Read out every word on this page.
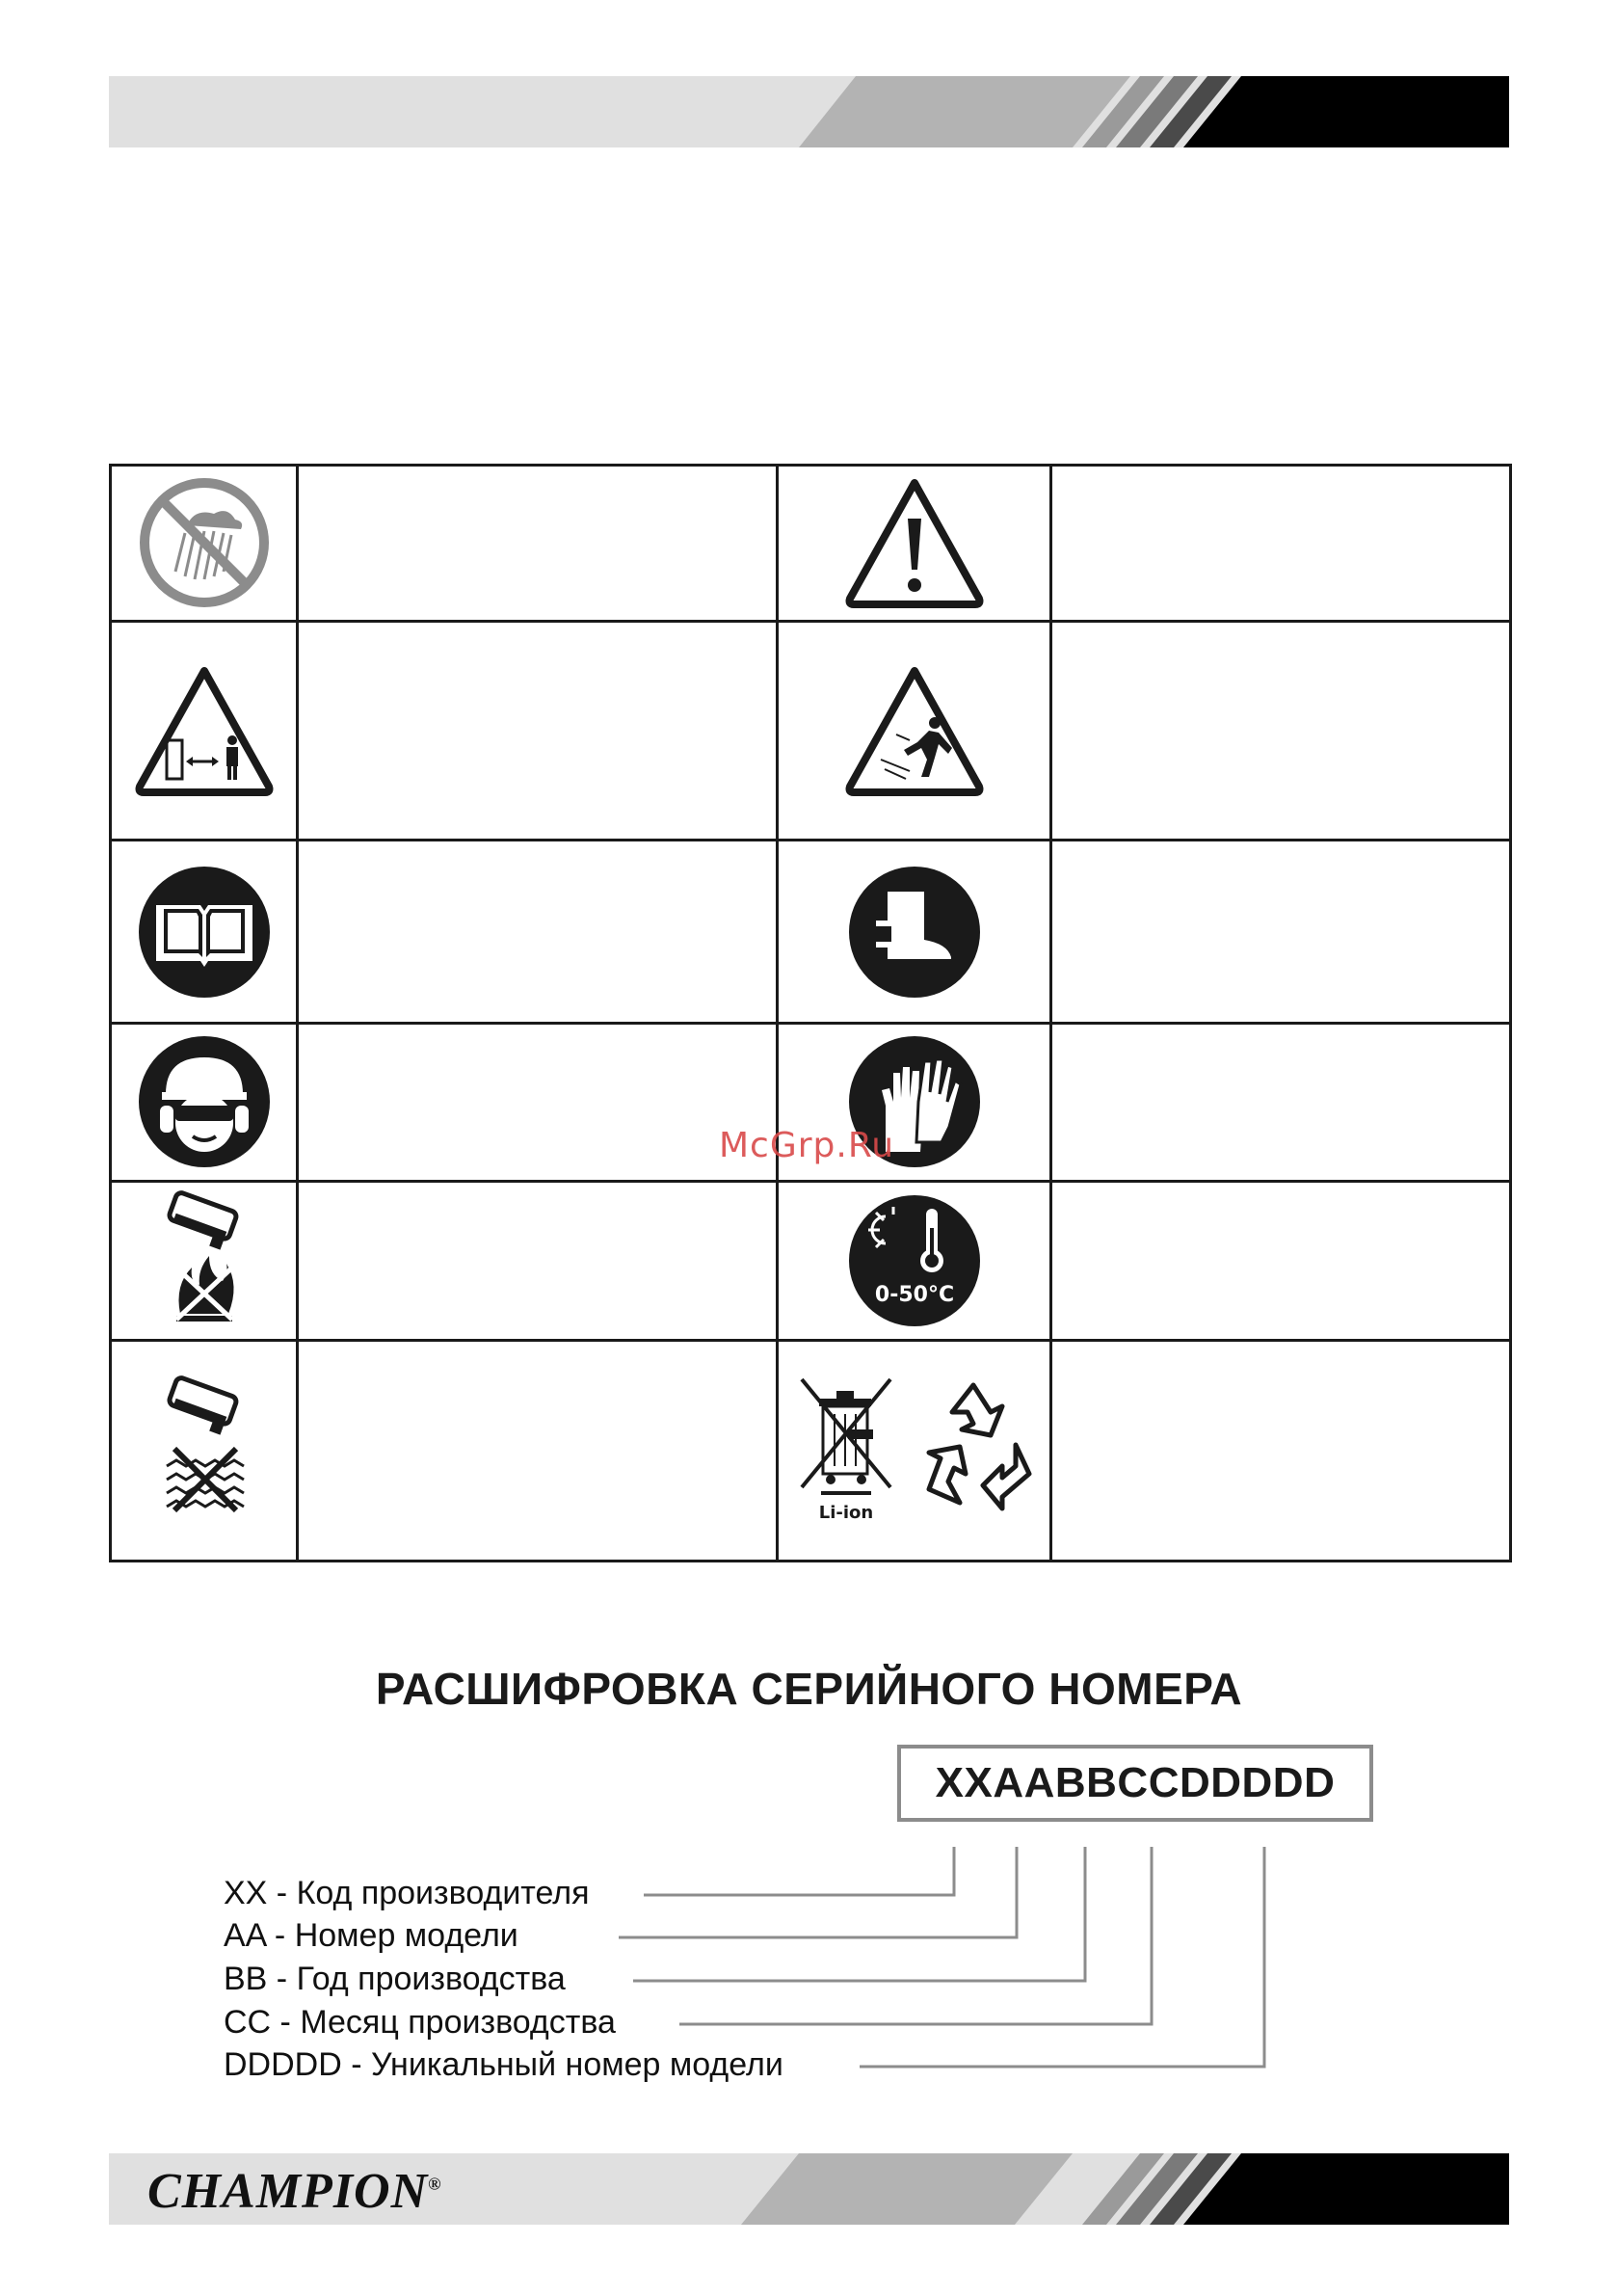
0-50°C	

Li-ion	

McGrp.Ru
РАСШИФРОВКА СЕРИЙНОГО НОМЕРА
XXAABBCCDDDDD
XX - Код производителя
AA - Номер модели
BB - Год производства
CC - Месяц производства
DDDDD - Уникальный номер модели
CHAMPION®
